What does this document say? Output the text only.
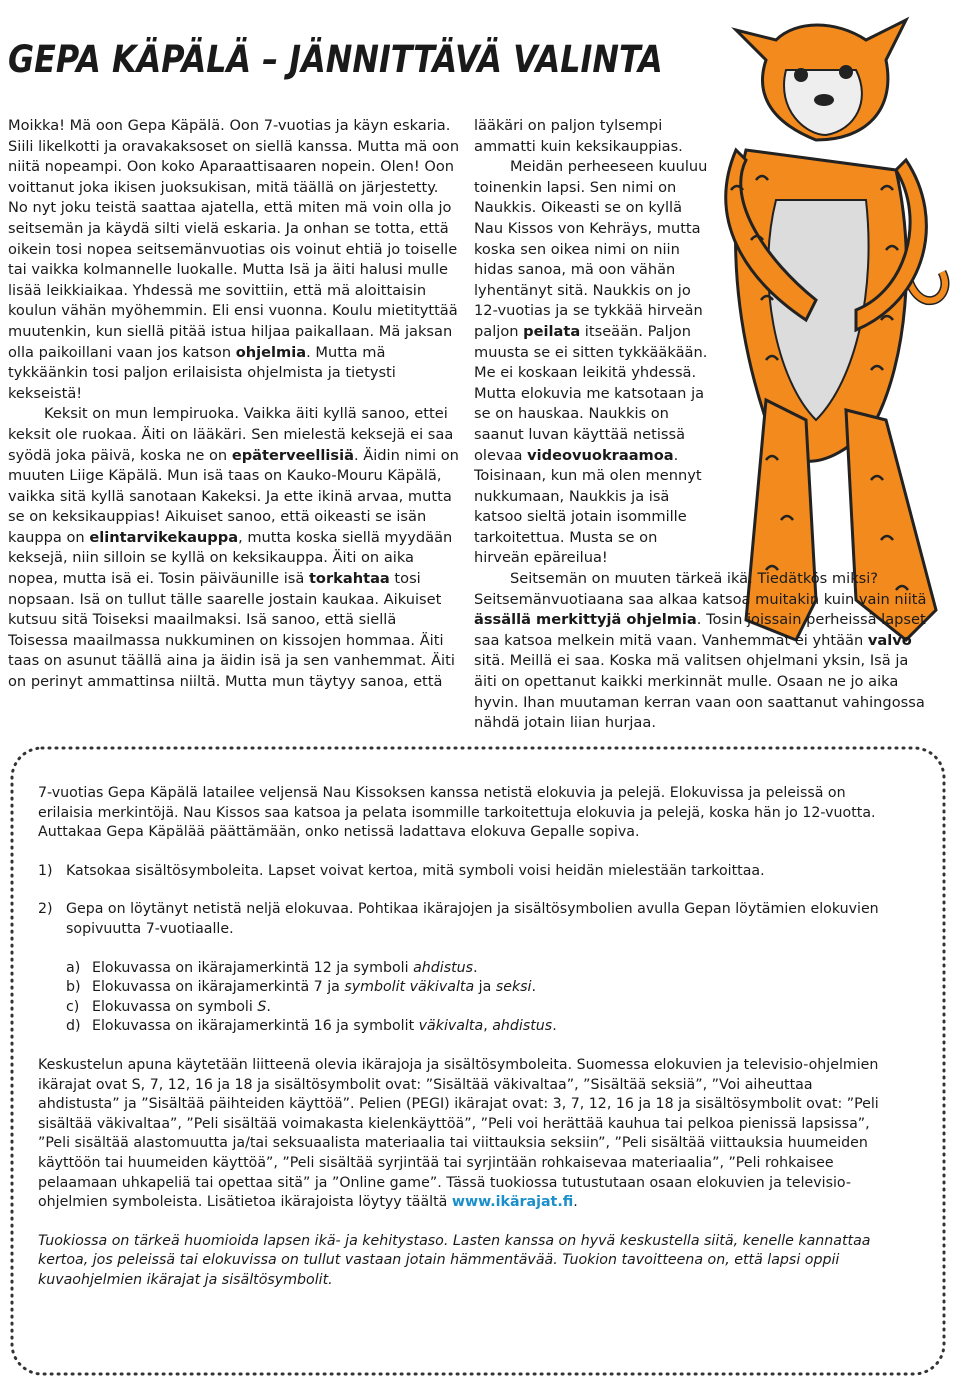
GEPA KÄPÄLÄ – JÄNNITTÄVÄ VALINTA

Moikka! Mä oon Gepa Käpälä. Oon 7-vuotias ja käyn eskaria. Siili likelkotti ja oravakaksoset on siellä kanssa. Mutta mä oon niitä nopeampi. Oon koko Aparaattisaaren nopein. Olen! Oon voittanut joka ikisen juoksukisan, mitä täällä on järjestetty. No nyt joku teistä saattaa ajatella, että miten mä voin olla jo seitsemän ja käydä silti vielä eskaria. Ja onhan se totta, että oikein tosi nopea seitsemänvuotias ois voinut ehtiä jo toiselle tai vaikka kolmannelle luokalle. Mutta Isä ja äiti halusi mulle lisää leikkiaikaa. Yhdessä me sovittiin, että mä aloittaisin koulun vähän myöhemmin. Eli ensi vuonna. Koulu mietityttää muutenkin, kun siellä pitää istua hiljaa paikallaan. Mä jaksan olla paikoillani vaan jos katson ohjelmia. Mutta mä tykkäänkin tosi paljon erilaisista ohjelmista ja tietysti kekseistä!

Keksit on mun lempiruoka. Vaikka äiti kyllä sanoo, ettei keksit ole ruokaa. Äiti on lääkäri. Sen mielestä keksejä ei saa syödä joka päivä, koska ne on epäterveellisiä. Äidin nimi on muuten Liige Käpälä. Mun isä taas on Kauko-Mouru Käpälä, vaikka sitä kyllä sanotaan Kakeksi. Ja ette ikinä arvaa, mutta se on keksikauppias! Aikuiset sanoo, että oikeasti se isän kauppa on elintarvikekauppa, mutta koska siellä myydään keksejä, niin silloin se kyllä on keksikauppa. Äiti on aika nopea, mutta isä ei. Tosin päiväunille isä torkahtaa tosi nopsaan. Isä on tullut tälle saarelle jostain kaukaa. Aikuiset kutsuu sitä Toiseksi maailmaksi. Isä sanoo, että siellä Toisessa maailmassa nukkuminen on kissojen hommaa. Äiti taas on asunut täällä aina ja äidin isä ja sen vanhemmat. Äiti on perinyt ammattinsa niiltä. Mutta mun täytyy sanoa, että

lääkäri on paljon tylsempi ammatti kuin keksikauppias.

Meidän perheeseen kuuluu toinenkin lapsi. Sen nimi on Naukkis. Oikeasti se on kyllä Nau Kissos von Kehräys, mutta koska sen oikea nimi on niin hidas sanoa, mä oon vähän lyhentänyt sitä. Naukkis on jo 12-vuotias ja se tykkää hirveän paljon peilata itseään. Paljon muusta se ei sitten tykkääkään. Me ei koskaan leikitä yhdessä. Mutta elokuvia me katsotaan ja se on hauskaa. Naukkis on saanut luvan käyttää netissä olevaa videovuokraamoa. Toisinaan, kun mä olen mennyt nukkumaan, Naukkis ja isä katsoo sieltä jotain isommille tarkoitettua. Musta se on hirveän epäreilua!

Seitsemän on muuten tärkeä ikä. Tiedätkös miksi? Seitsemänvuotiaana saa alkaa katsoa muitakin kuin vain niitä ässällä merkittyjä ohjelmia. Tosin joissain perheissä lapset saa katsoa melkein mitä vaan. Vanhemmat ei yhtään valvo sitä. Meillä ei saa. Koska mä valitsen ohjelmani yksin, Isä ja äiti on opettanut kaikki merkinnät mulle. Osaan ne jo aika hyvin. Ihan muutaman kerran vaan oon saattanut vahingossa nähdä jotain liian hurjaa.

7-vuotias Gepa Käpälä latailee veljensä Nau Kissoksen kanssa netistä elokuvia ja pelejä. Elokuvissa ja peleissä on erilaisia merkintöjä. Nau Kissos saa katsoa ja pelata isommille tarkoitettuja elokuvia ja pelejä, koska hän jo 12-vuotta. Auttakaa Gepa Käpälää päättämään, onko netissä ladattava elokuva Gepalle sopiva.

1) Katsokaa sisältösymboleita. Lapset voivat kertoa, mitä symboli voisi heidän mielestään tarkoittaa.
2) Gepa on löytänyt netistä neljä elokuvaa. Pohtikaa ikärajojen ja sisältösymbolien avulla Gepan löytämien elokuvien sopivuutta 7-vuotiaalle.
a) Elokuvassa on ikärajamerkintä 12 ja symboli ahdistus.
b) Elokuvassa on ikärajamerkintä 7 ja symbolit väkivalta ja seksi.
c) Elokuvassa on symboli S.
d) Elokuvassa on ikärajamerkintä 16 ja symbolit väkivalta, ahdistus.

Keskustelun apuna käytetään liitteenä olevia ikärajoja ja sisältösymboleita. Suomessa elokuvien ja televisio-ohjelmien ikärajat ovat S, 7, 12, 16 ja 18 ja sisältösymbolit ovat: ”Sisältää väkivaltaa”, ”Sisältää seksiä”, ”Voi aiheuttaa ahdistusta” ja ”Sisältää päihteiden käyttöä”. Pelien (PEGI) ikärajat ovat: 3, 7, 12, 16 ja 18 ja sisältösymbolit ovat: ”Peli sisältää väkivaltaa”, ”Peli sisältää voimakasta kielenkäyttöä”, ”Peli voi herättää kauhua tai pelkoa pienissä lapsissa”, ”Peli sisältää alastomuutta ja/tai seksuaalista materiaalia tai viittauksia seksiin”, ”Peli sisältää viittauksia huumeiden käyttöön tai huumeiden käyttöä”, ”Peli sisältää syrjintää tai syrjintään rohkaisevaa materiaalia”, ”Peli rohkaisee pelaamaan uhkapeliä tai opettaa sitä” ja ”Online game”. Tässä tuokiossa tutustutaan osaan elokuvien ja televisio-ohjelmien symboleista. Lisätietoa ikärajoista löytyy täältä www.ikärajat.fi.

Tuokiossa on tärkeä huomioida lapsen ikä- ja kehitystaso. Lasten kanssa on hyvä keskustella siitä, kenelle kannattaa kertoa, jos peleissä tai elokuvissa on tullut vastaan jotain hämmentävää. Tuokion tavoitteena on, että lapsi oppii kuvaohjelmien ikärajat ja sisältösymbolit.
